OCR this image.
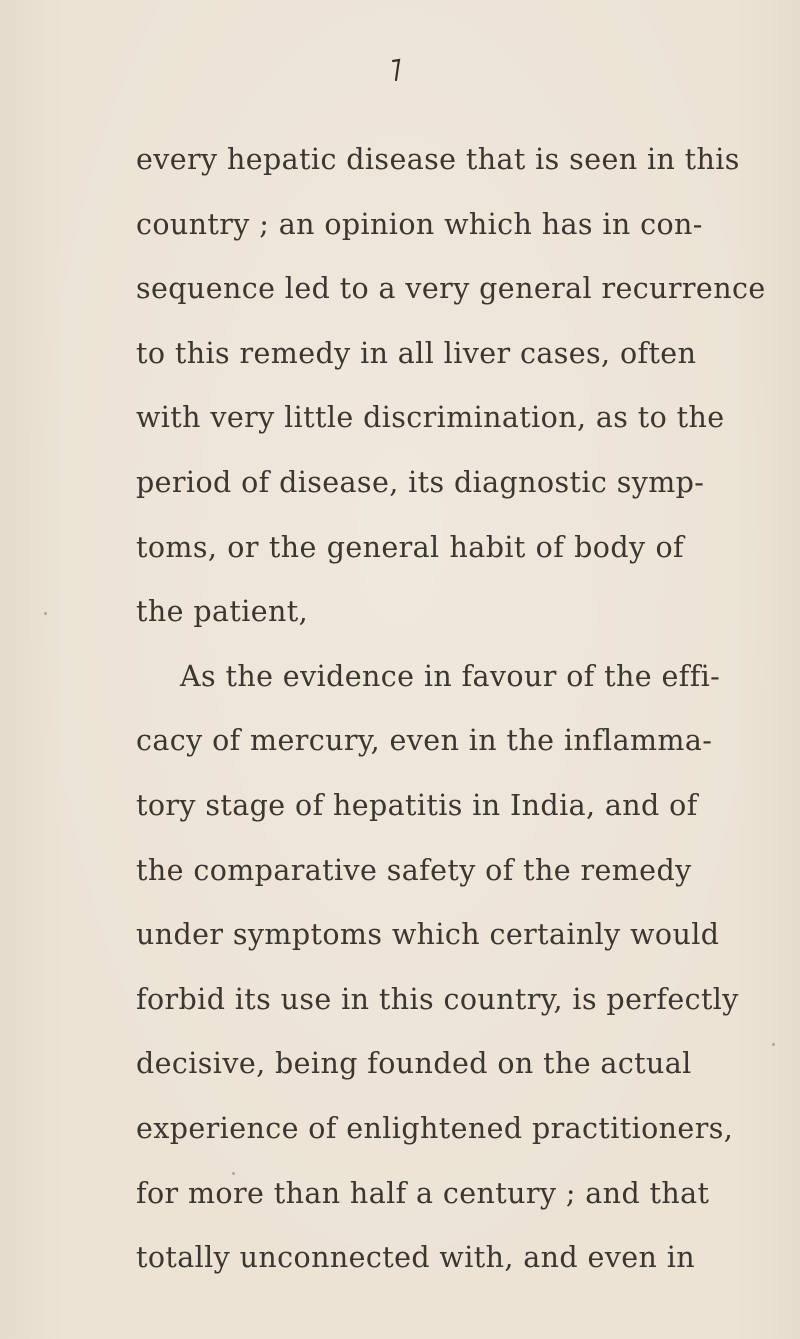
every hepatic disease that is seen in this
country ; an opinion which has in con-
sequence led to a very general recurrence
to this remedy in all liver cases, often
with very little discrimination, as to the
period of disease, its diagnostic symp-
toms, or the general habit of body of
the patient,
As the evidence in favour of the effi-
cacy of mercury, even in the inflamma-
tory stage of hepatitis in India, and of
the comparative safety of the remedy
under symptoms which certainly would
forbid its use in this country, is perfectly
decisive, being founded on the actual
experience of enlightened practitioners,
for more than half a century ; and that
totally unconnected with, and even in
